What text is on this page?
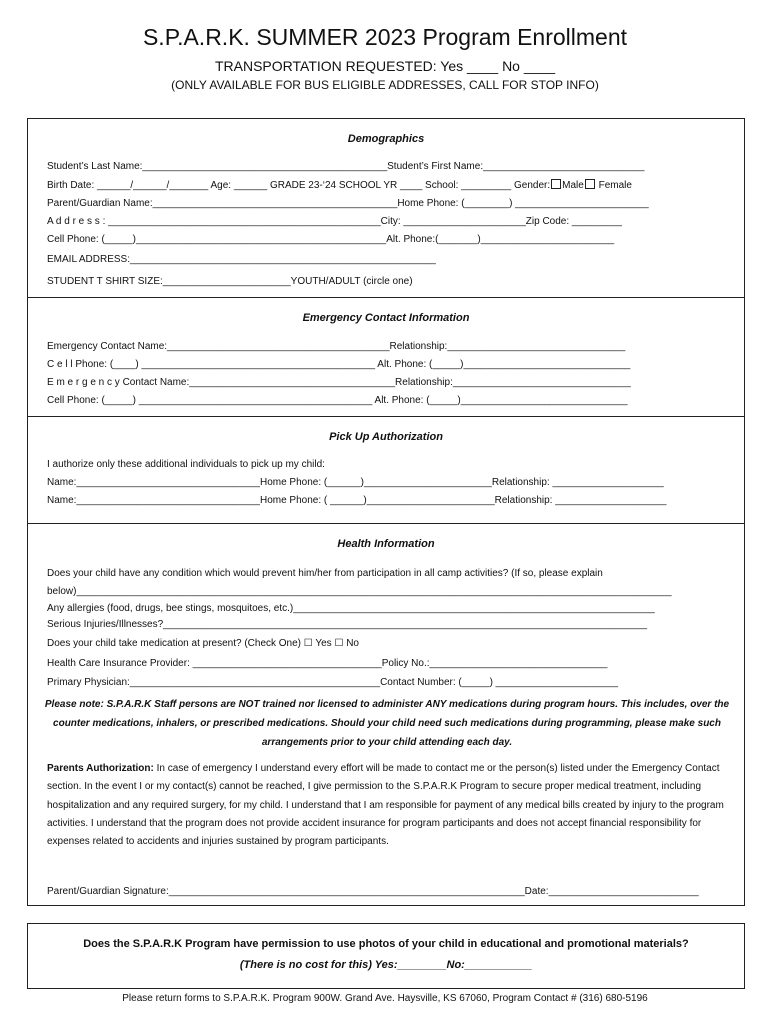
S.P.A.R.K. SUMMER 2023 Program Enrollment
TRANSPORTATION REQUESTED: Yes ____ No ____
(ONLY AVAILABLE FOR BUS ELIGIBLE ADDRESSES, CALL FOR STOP INFO)
Demographics
Student’s Last Name:____________________________________________Student’s First Name:_____________________________
Birth Date: ______/______/_______ Age: ______ GRADE 23-‘24 SCHOOL YR ____ School: _________ Gender: Male Female
Parent/Guardian Name:____________________________________________Home Phone: (________) ________________________
A d d r e s s : _________________________________________________City: ______________________Zip Code: _________
Cell Phone: (_____)_____________________________________________Alt. Phone:(_______)________________________
EMAIL ADDRESS:_______________________________________________________
STUDENT T SHIRT SIZE:_______________________YOUTH/ADULT (circle one)
Emergency Contact Information
Emergency Contact Name:________________________________________Relationship:________________________________
C e l l Phone: (____) __________________________________________ Alt. Phone: (_____)______________________________
E m e r g e n c y Contact Name:_____________________________________Relationship:________________________________
Cell Phone: (_____) __________________________________________ Alt. Phone: (_____)______________________________
Pick Up Authorization
I authorize only these additional individuals to pick up my child:
Name:_________________________________Home Phone: (______)_______________________Relationship: ____________________
Name:_________________________________Home Phone: ( ______)_______________________Relationship: ____________________
Health Information
Does your child have any condition which would prevent him/her from participation in all camp activities? (If so, please explain
below)___________________________________________________________________________________________________________
Any allergies (food, drugs, bee stings, mosquitoes, etc.)_________________________________________________________________
Serious Injuries/Illnesses?_______________________________________________________________________________________
Does your child take medication at present? (Check One) ☐ Yes ☐ No
Health Care Insurance Provider: __________________________________Policy No.:________________________________
Primary Physician:_____________________________________________Contact Number: (_____) ______________________
Please note: S.P.A.R.K Staff persons are NOT trained nor licensed to administer ANY medications during program hours. This includes, over the counter medications, inhalers, or prescribed medications. Should your child need such medications during programming, please make such arrangements prior to your child attending each day.
Parents Authorization: In case of emergency I understand every effort will be made to contact me or the person(s) listed under the Emergency Contact section. In the event I or my contact(s) cannot be reached, I give permission to the S.P.A.R.K Program to secure proper medical treatment, including hospitalization and any required surgery, for my child. I understand that I am responsible for payment of any medical bills created by injury to the program activities. I understand that the program does not provide accident insurance for program participants and does not accept financial responsibility for expenses related to accidents and injuries sustained by program participants.
Parent/Guardian Signature:________________________________________________________________Date:___________________________
Does the S.P.A.R.K Program have permission to use photos of your child in educational and promotional materials?
(There is no cost for this) Yes:________No:___________
Please return forms to S.P.A.R.K. Program 900W. Grand Ave. Haysville, KS 67060, Program Contact # (316) 680-5196
